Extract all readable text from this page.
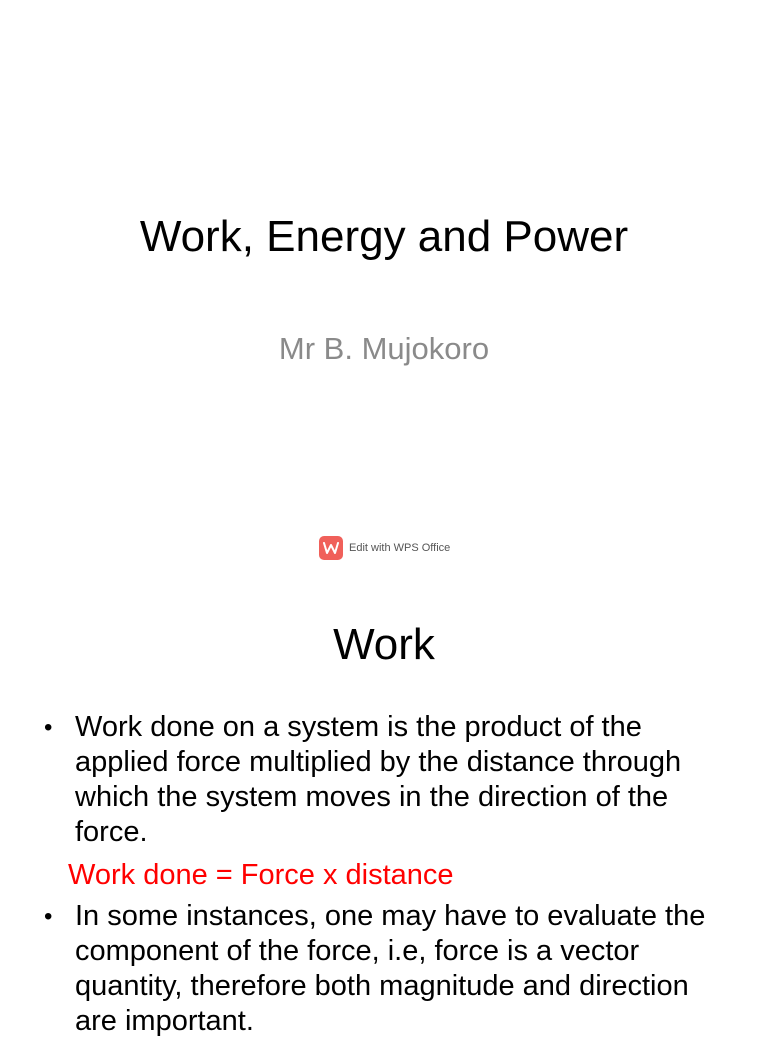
Work, Energy and Power
Mr B. Mujokoro
Edit with WPS Office
Work
• Work done on a system is the product of the applied force multiplied by the distance through which the system moves in the direction of the force.
Work done = Force x distance
• In some instances, one may have to evaluate the component of the force, i.e, force is a vector quantity, therefore both magnitude and direction are important.
